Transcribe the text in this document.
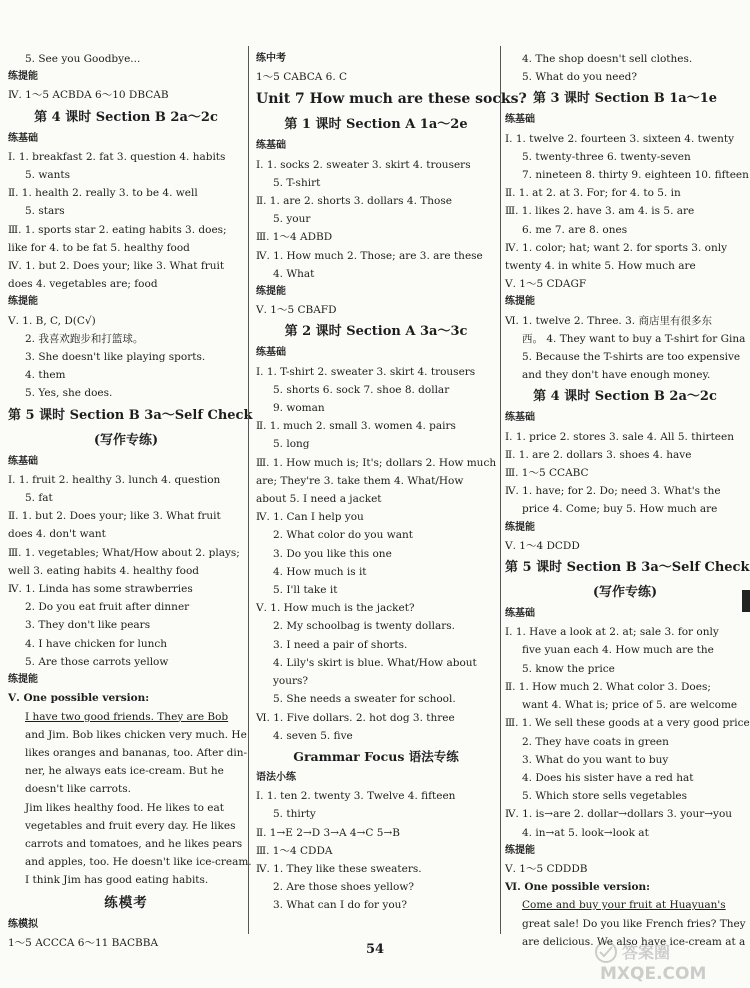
5. See you Goodbye...
练提能
Ⅳ. 1～5 ACBDA 6～10 DBCAB
第 4 课时 Section B 2a～2c
练基础
Ⅰ. 1. breakfast 2. fat 3. question 4. habits
5. wants
Ⅱ. 1. health 2. really 3. to be 4. well
5. stars
Ⅲ. 1. sports star 2. eating habits 3. does;
like for 4. to be fat 5. healthy food
Ⅳ. 1. but 2. Does your; like 3. What fruit
does 4. vegetables are; food
练提能
Ⅴ. 1. B, C, D(C√)
2. 我喜欢跑步和打篮球。
3. She doesn't like playing sports.
4. them
5. Yes, she does.
第 5 课时 Section B 3a～Self Check
(写作专练)
练基础
Ⅰ. 1. fruit 2. healthy 3. lunch 4. question
5. fat
Ⅱ. 1. but 2. Does your; like 3. What fruit
does 4. don't want
Ⅲ. 1. vegetables; What/How about 2. plays;
well 3. eating habits 4. healthy food
Ⅳ. 1. Linda has some strawberries
2. Do you eat fruit after dinner
3. They don't like pears
4. I have chicken for lunch
5. Are those carrots yellow
练提能
Ⅴ. One possible version:
I have two good friends. They are Bob
and Jim. Bob likes chicken very much. He
likes oranges and bananas, too. After din-
ner, he always eats ice-cream. But he
doesn't like carrots.
Jim likes healthy food. He likes to eat
vegetables and fruit every day. He likes
carrots and tomatoes, and he likes pears
and apples, too. He doesn't like ice-cream.
I think Jim has good eating habits.
练模考
练模拟
1～5 ACCCA 6～11 BACBBA
练中考
1～5 CABCA 6. C
Unit 7 How much are these socks?
第 1 课时 Section A 1a～2e
练基础
Ⅰ. 1. socks 2. sweater 3. skirt 4. trousers
5. T-shirt
Ⅱ. 1. are 2. shorts 3. dollars 4. Those
5. your
Ⅲ. 1～4 ADBD
Ⅳ. 1. How much 2. Those; are 3. are these
4. What
练提能
Ⅴ. 1～5 CBAFD
第 2 课时 Section A 3a～3c
练基础
Ⅰ. 1. T-shirt 2. sweater 3. skirt 4. trousers
5. shorts 6. sock 7. shoe 8. dollar
9. woman
Ⅱ. 1. much 2. small 3. women 4. pairs
5. long
Ⅲ. 1. How much is; It's; dollars 2. How much
are; They're 3. take them 4. What/How
about 5. I need a jacket
Ⅳ. 1. Can I help you
2. What color do you want
3. Do you like this one
4. How much is it
5. I'll take it
Ⅴ. 1. How much is the jacket?
2. My schoolbag is twenty dollars.
3. I need a pair of shorts.
4. Lily's skirt is blue. What/How about
yours?
5. She needs a sweater for school.
Ⅵ. 1. Five dollars. 2. hot dog 3. three
4. seven 5. five
Grammar Focus 语法专练
语法小练
Ⅰ. 1. ten 2. twenty 3. Twelve 4. fifteen
5. thirty
Ⅱ. 1→E 2→D 3→A 4→C 5→B
Ⅲ. 1～4 CDDA
Ⅳ. 1. They like these sweaters.
2. Are those shoes yellow?
3. What can I do for you?
4. The shop doesn't sell clothes.
5. What do you need?
第 3 课时 Section B 1a～1e
练基础
Ⅰ. 1. twelve 2. fourteen 3. sixteen 4. twenty
5. twenty-three 6. twenty-seven
7. nineteen 8. thirty 9. eighteen 10. fifteen
Ⅱ. 1. at 2. at 3. For; for 4. to 5. in
Ⅲ. 1. likes 2. have 3. am 4. is 5. are
6. me 7. are 8. ones
Ⅳ. 1. color; hat; want 2. for sports 3. only
twenty 4. in white 5. How much are
Ⅴ. 1～5 CDAGF
练提能
Ⅵ. 1. twelve 2. Three. 3. 商店里有很多东
西。 4. They want to buy a T-shirt for Gina
5. Because the T-shirts are too expensive
and they don't have enough money.
第 4 课时 Section B 2a～2c
练基础
Ⅰ. 1. price 2. stores 3. sale 4. All 5. thirteen
Ⅱ. 1. are 2. dollars 3. shoes 4. have
Ⅲ. 1～5 CCABC
Ⅳ. 1. have; for 2. Do; need 3. What's the
price 4. Come; buy 5. How much are
练提能
Ⅴ. 1～4 DCDD
第 5 课时 Section B 3a～Self Check
(写作专练)
练基础
Ⅰ. 1. Have a look at 2. at; sale 3. for only
five yuan each 4. How much are the
5. know the price
Ⅱ. 1. How much 2. What color 3. Does;
want 4. What is; price of 5. are welcome
Ⅲ. 1. We sell these goods at a very good price
2. They have coats in green
3. What do you want to buy
4. Does his sister have a red hat
5. Which store sells vegetables
Ⅳ. 1. is→are 2. dollar→dollars 3. your→you
4. in→at 5. look→look at
练提能
Ⅴ. 1～5 CDDDB
Ⅵ. One possible version:
Come and buy your fruit at Huayuan's
great sale! Do you like French fries? They
are delicious. We also have ice-cream at a
54	答案圈
MXQE.COM
